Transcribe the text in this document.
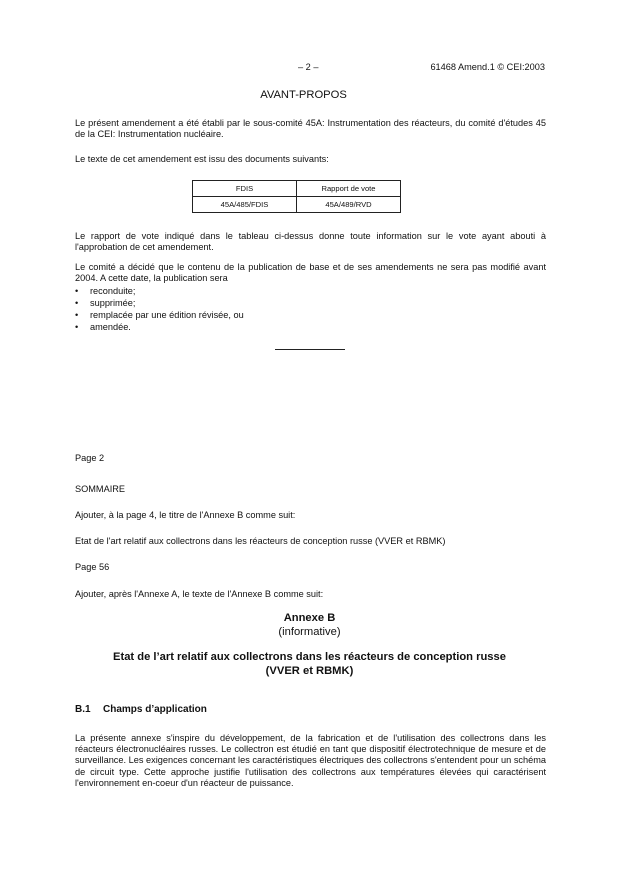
– 2 –	61468 Amend.1 © CEI:2003
AVANT-PROPOS
Le présent amendement a été établi par le sous-comité 45A: Instrumentation des réacteurs, du comité d'études 45 de la CEI: Instrumentation nucléaire.
Le texte de cet amendement est issu des documents suivants:
FDIS	Rapport de vote
45A/485/FDIS	45A/489/RVD
Le rapport de vote indiqué dans le tableau ci-dessus donne toute information sur le vote ayant abouti à l'approbation de cet amendement.
Le comité a décidé que le contenu de la publication de base et de ses amendements ne sera pas modifié avant 2004. A cette date, la publication sera
• reconduite;
• supprimée;
• remplacée par une édition révisée, ou
• amendée.
Page 2
SOMMAIRE
Ajouter, à la page 4, le titre de l'Annexe B comme suit:
Etat de l'art relatif aux collectrons dans les réacteurs de conception russe (VVER et RBMK)
Page 56
Ajouter, après l'Annexe A, le texte de l'Annexe B comme suit:
Annexe B
(informative)
Etat de l’art relatif aux collectrons dans les réacteurs de conception russe
(VVER et RBMK)
B.1 Champs d’application
La présente annexe s'inspire du développement, de la fabrication et de l'utilisation des collectrons dans les réacteurs électronucléaires russes. Le collectron est étudié en tant que dispositif électrotechnique de mesure et de surveillance. Les exigences concernant les caractéristiques électriques des collectrons s'entendent pour un schéma de circuit type. Cette approche justifie l'utilisation des collectrons aux températures élevées qui caractérisent l'environnement en-coeur d'un réacteur de puissance.
